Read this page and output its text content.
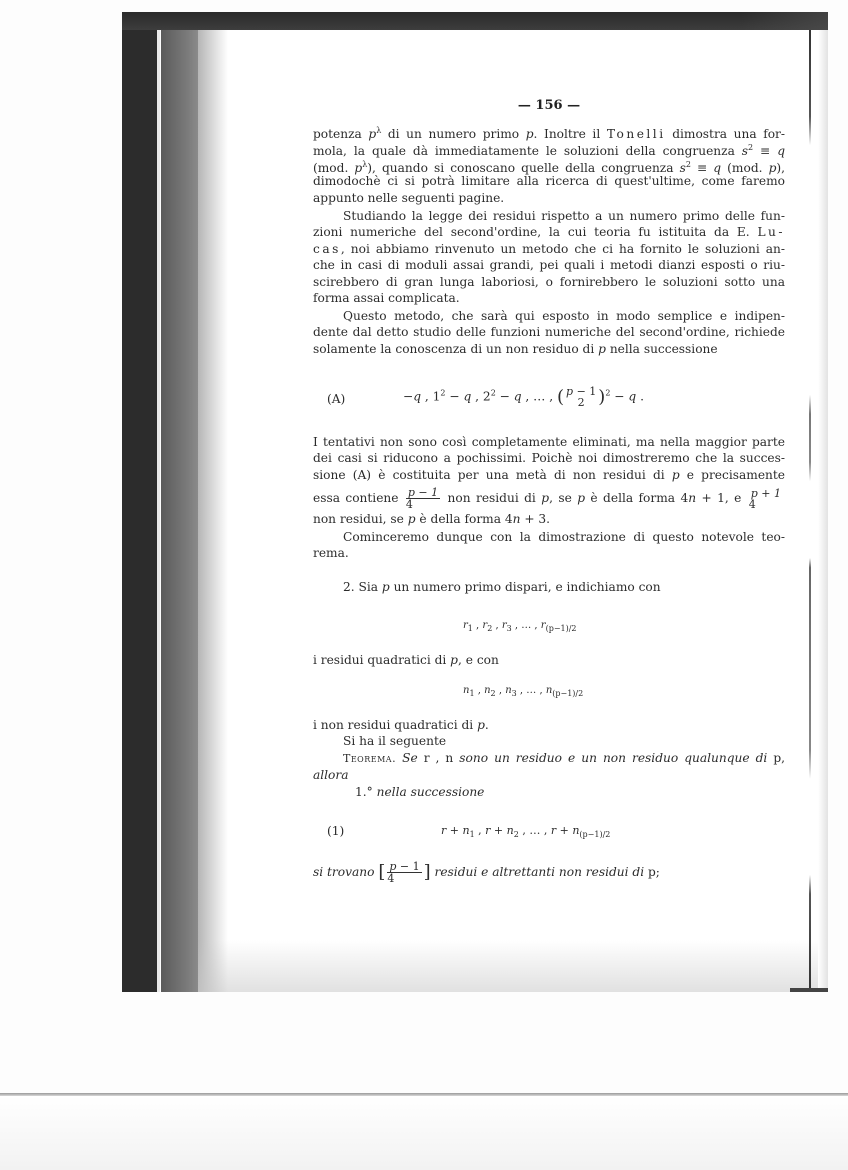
— 156 —
potenza $p^\lambda$ di un numero primo p. Inoltre il Tonelli dimostra una for-
mola, la quale dà immediatamente le soluzioni della congruenza $s^2 \equiv q$
(mod. $p^\lambda$), quando si conoscano quelle della congruenza $s^2 \equiv q$ (mod. p),
dimodochè ci si potrà limitare alla ricerca di quest'ultime, come faremo
appunto nelle seguenti pagine.
Studiando la legge dei residui rispetto a un numero primo delle fun-
zioni numeriche del second'ordine, la cui teoria fu istituita da E. Lu-
cas, noi abbiamo rinvenuto un metodo che ci ha fornito le soluzioni an-
che in casi di moduli assai grandi, pei quali i metodi dianzi esposti o riu-
scirebbero di gran lunga laboriosi, o fornirebbero le soluzioni sotto una
forma assai complicata.
Questo metodo, che sarà qui esposto in modo semplice e indipen-
dente dal detto studio delle funzioni numeriche del second'ordine, richiede
solamente la conoscenza di un non residuo di p nella successione
(A)	−q , $1^2 - q$ , $2^2 - q$ , … , ( p − 1
2 )$^2$ − q .
I tentativi non sono così completamente eliminati, ma nella maggior parte
dei casi si riducono a pochissimi. Poichè noi dimostreremo che la succes-
sione (A) è costituita per una metà di non residui di p e precisamente
essa contiene $\frac{p - 1}{4}$ non residui di p, se p è della forma 4n + 1, e p + 1
4
non residui, se p è della forma 4n + 3.
Cominceremo dunque con la dimostrazione di questo notevole teo-
rema.
2. Sia p un numero primo dispari, e indichiamo con
$r_1$ , $r_2$ , $r_3$ , … , $r_{(p-1)/2}$
i residui quadratici di p, e con
$n_1$ , $n_2$ , $n_3$ , … , $n_{(p-1)/2}$
i non residui quadratici di p.
Si ha il seguente
Teorema. Se r , n sono un residuo e un non residuo qualunque di p,
allora
1.° nella successione
(1)	$r + n_1$ , $r + n_2$ , … , $r + n_{(p-1)/2}$
si trovano [ $\frac{p - 1}{4}$ ] residui e altrettanti non residui di p;
